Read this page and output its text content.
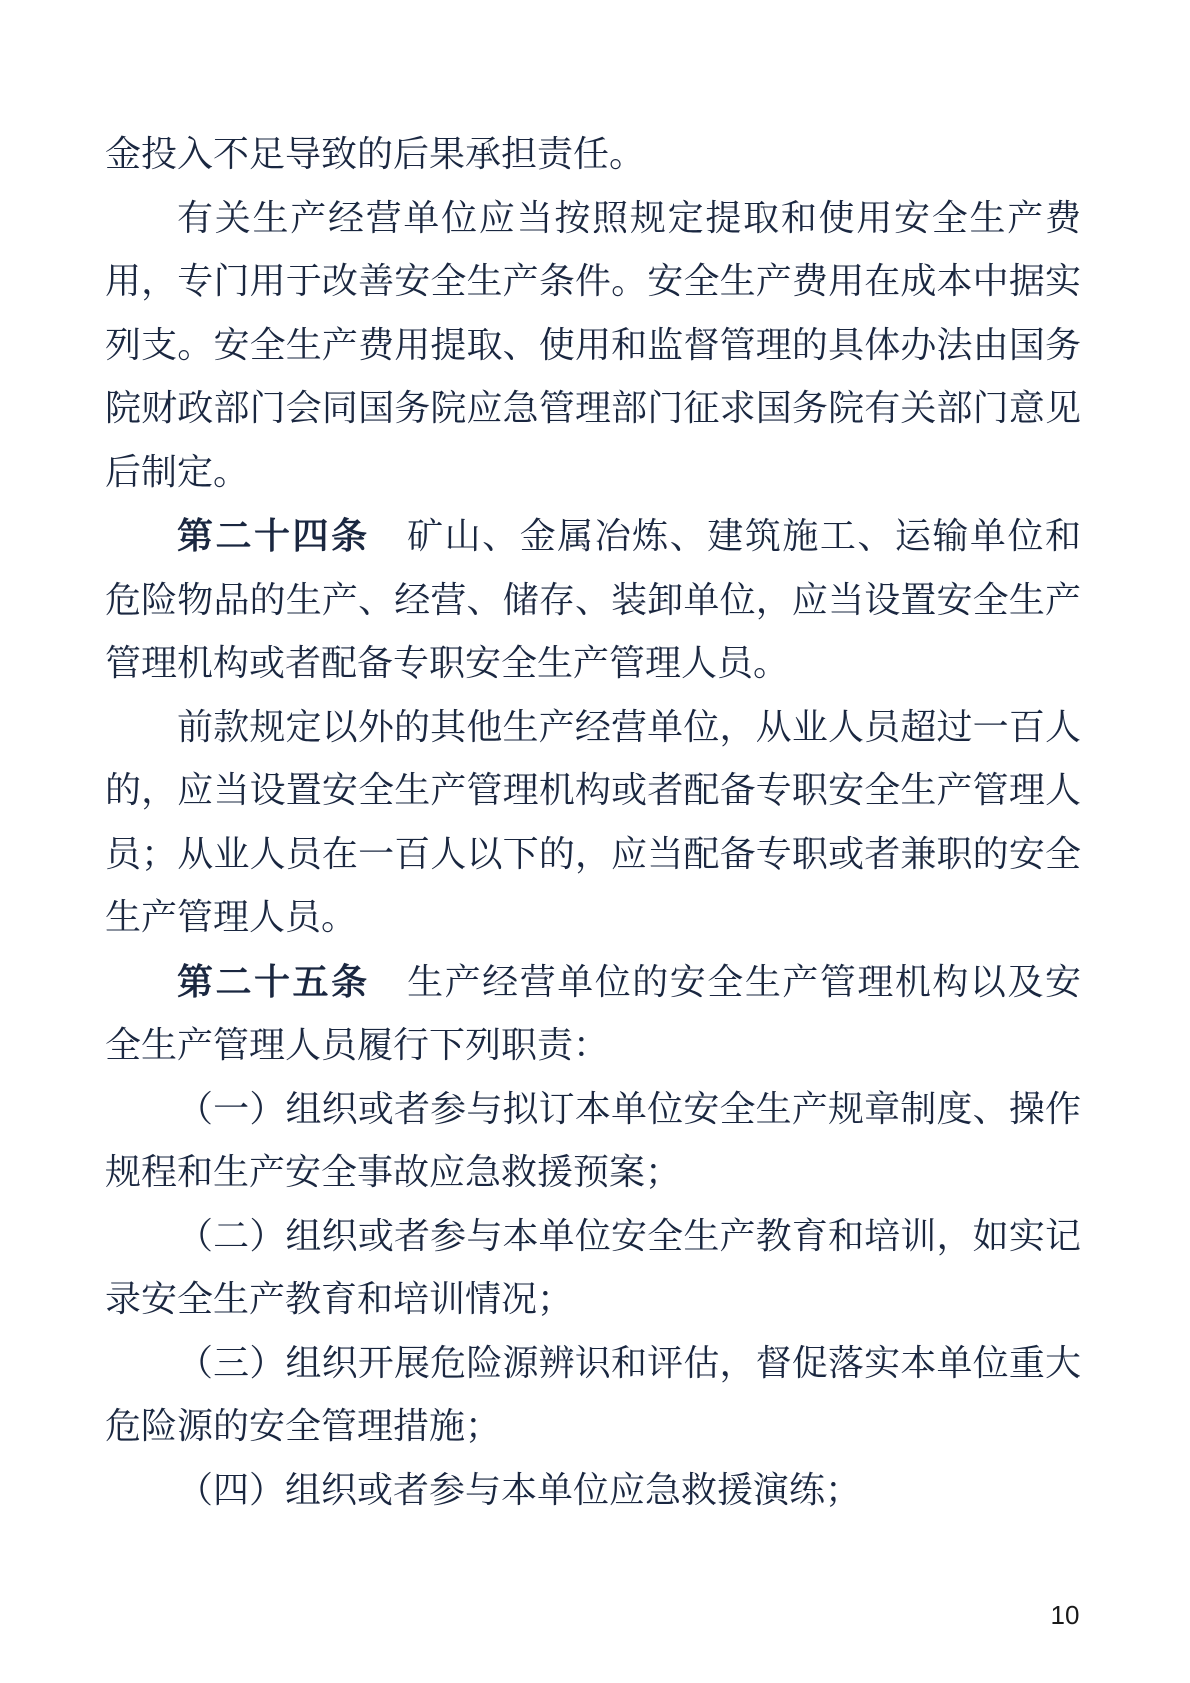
金投入不足导致的后果承担责任。

有关生产经营单位应当按照规定提取和使用安全生产费用，专门用于改善安全生产条件。安全生产费用在成本中据实列支。安全生产费用提取、使用和监督管理的具体办法由国务院财政部门会同国务院应急管理部门征求国务院有关部门意见后制定。

第二十四条　 矿山、金属冶炼、建筑施工、运输单位和危险物品的生产、经营、储存、装卸单位，应当设置安全生产管理机构或者配备专职安全生产管理人员。

前款规定以外的其他生产经营单位，从业人员超过一百人的，应当设置安全生产管理机构或者配备专职安全生产管理人员；从业人员在一百人以下的，应当配备专职或者兼职的安全生产管理人员。

第二十五条　 生产经营单位的安全生产管理机构以及安全生产管理人员履行下列职责：

（一）组织或者参与拟订本单位安全生产规章制度、操作规程和生产安全事故应急救援预案；

（二）组织或者参与本单位安全生产教育和培训，如实记录安全生产教育和培训情况；

（三）组织开展危险源辨识和评估，督促落实本单位重大危险源的安全管理措施；

（四）组织或者参与本单位应急救援演练；

10
